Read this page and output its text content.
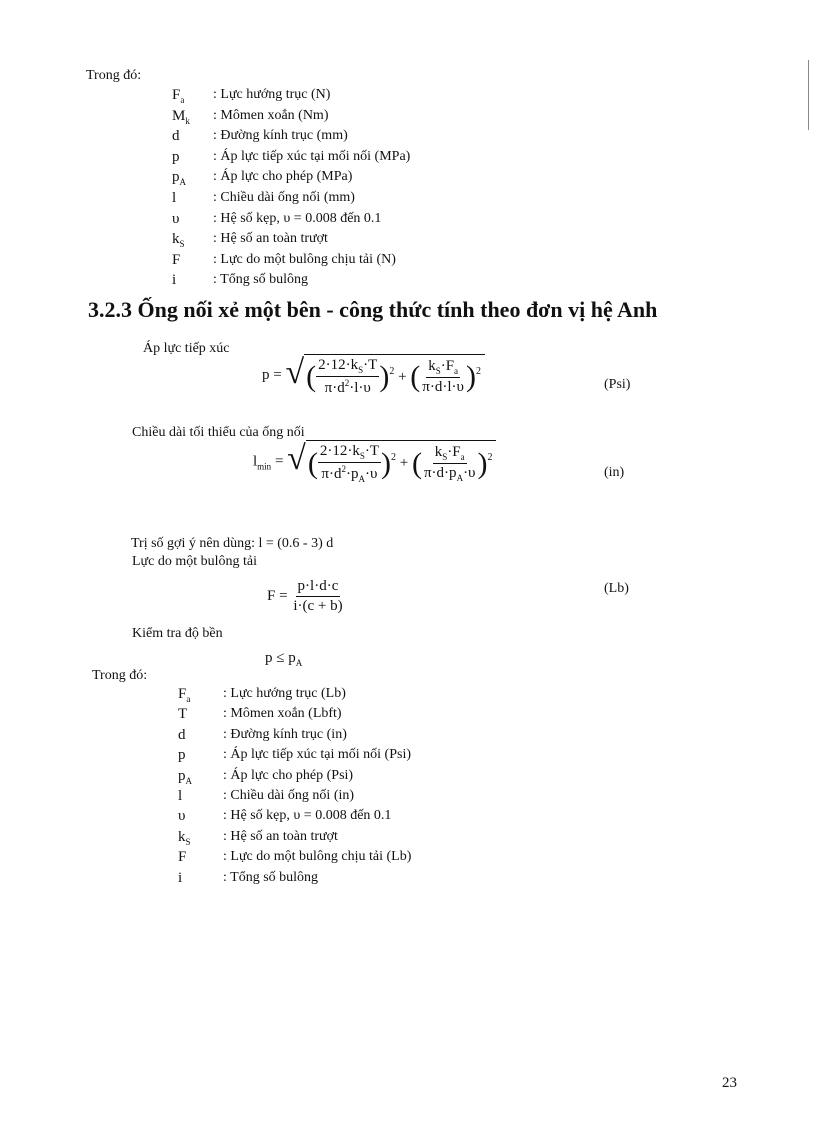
Trong đó:
$F_a$ : Lực hướng trục (N)
$M_k$ : Mômen xoắn (Nm)
d : Đường kính trục (mm)
p : Áp lực tiếp xúc tại mối nối (MPa)
$p_A$ : Áp lực cho phép (MPa)
l	: Chiều dài ống nối (mm)
υ : Hệ số kẹp, υ = 0.008 đến 0.1
$k_S$ : Hệ số an toàn trượt
F : Lực do một bulông chịu tải (N)
i	: Tổng số bulông
3.2.3 Ống nối xẻ một bên - công thức tính theo đơn vị hệ Anh
Áp lực tiếp xúc
p = √ ( $\frac{2\cdot 12\cdot k_S\cdot T}{\pi\cdot d^2\cdot l\cdot\upsilon}$ ) 2 + ( $\frac{k_S\cdot F_a}{\pi\cdot d\cdot l\cdot\upsilon}$ ) 2
(Psi)
Chiều dài tối thiểu của ống nối
$l_{min}$ = √ ( $\frac{2\cdot 12\cdot k_S\cdot T}{\pi\cdot d^2\cdot p_A\cdot\upsilon}$ ) 2 + ( $\frac{k_S\cdot F_a}{\pi\cdot d\cdot p_A\cdot\upsilon}$ ) 2
(in)
Trị số gợi ý nên dùng: l = (0.6 - 3) d
Lực do một bulông tải
$F = \frac{p\cdot l\cdot d\cdot c}{i\cdot(c + b)}$	(Lb)
Kiểm tra độ bền
$p \le p_A$
Trong đó:
$F_a$ : Lực hướng trục (Lb)
T	: Mômen xoắn (Lbft)
d	: Đường kính trục (in)
p	: Áp lực tiếp xúc tại mối nối (Psi)
$p_A$ : Áp lực cho phép (Psi)
l	: Chiều dài ống nối (in)
υ	: Hệ số kẹp, υ = 0.008 đến 0.1
$k_S$ : Hệ số an toàn trượt
F	: Lực do một bulông chịu tải (Lb)
i	: Tổng số bulông
23
